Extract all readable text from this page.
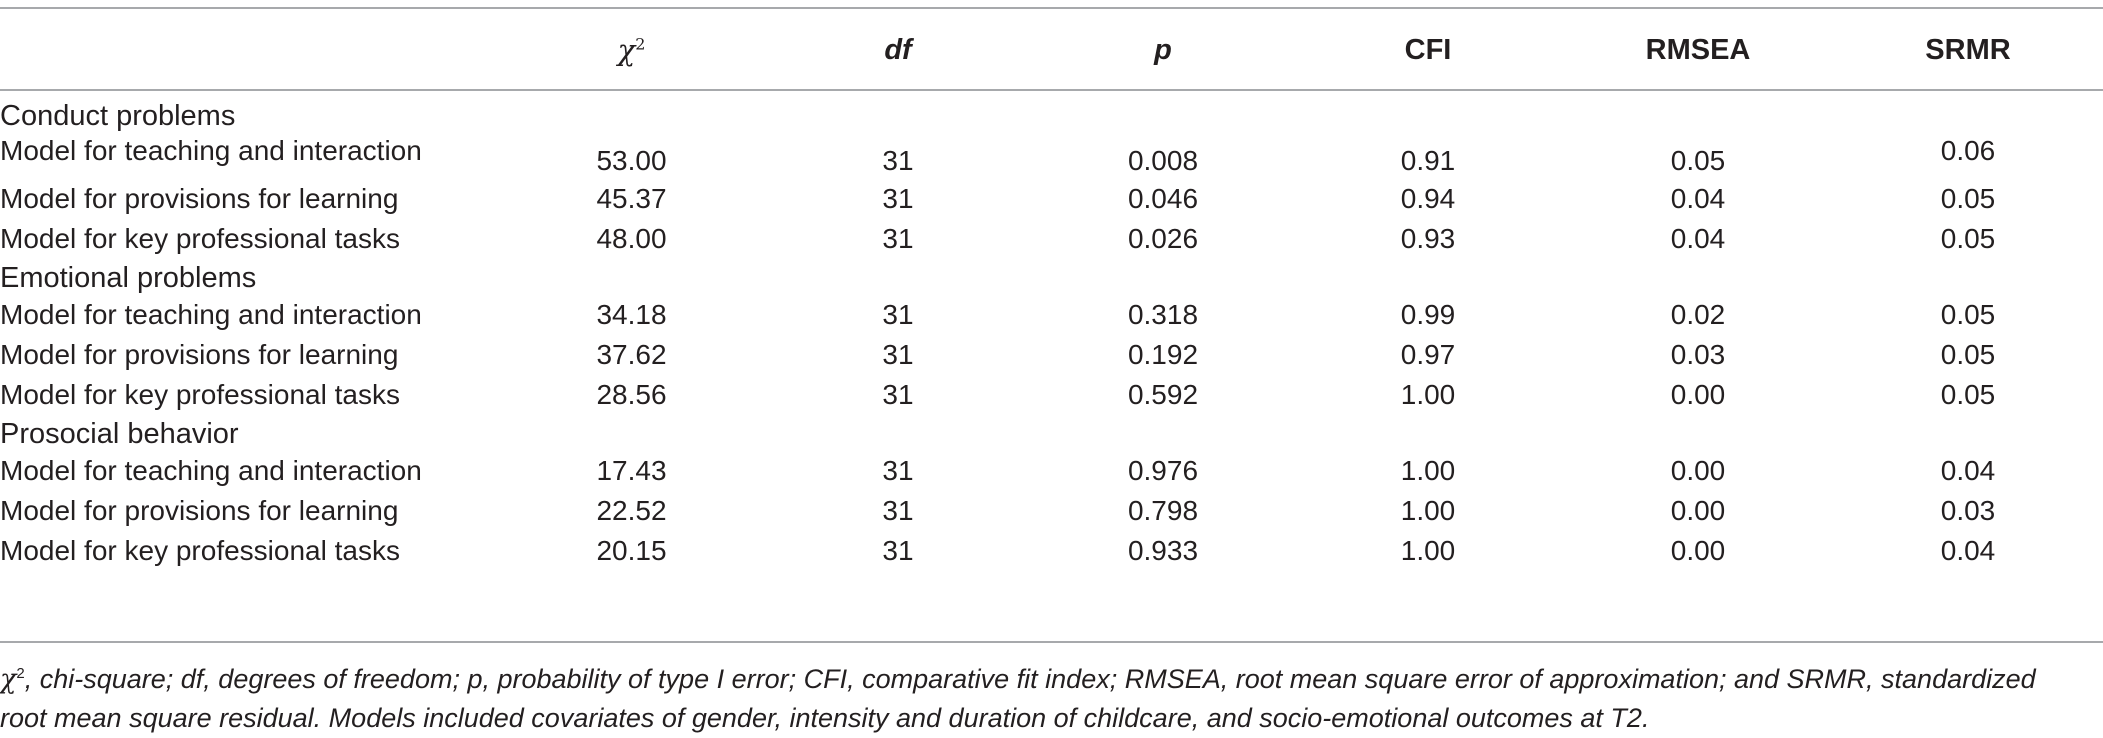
	$\chi^2$	df	p	CFI	RMSEA	SRMR
Conduct problems						
Model for teaching and interaction	53.00	31	0.008	0.91	0.05	0.06
Model for provisions for learning	45.37	31	0.046	0.94	0.04	0.05
Model for key professional tasks	48.00	31	0.026	0.93	0.04	0.05
Emotional problems						
Model for teaching and interaction	34.18	31	0.318	0.99	0.02	0.05
Model for provisions for learning	37.62	31	0.192	0.97	0.03	0.05
Model for key professional tasks	28.56	31	0.592	1.00	0.00	0.05
Prosocial behavior						
Model for teaching and interaction	17.43	31	0.976	1.00	0.00	0.04
Model for provisions for learning	22.52	31	0.798	1.00	0.00	0.03
Model for key professional tasks	20.15	31	0.933	1.00	0.00	0.04
$\chi^2$, chi-square; df, degrees of freedom; p, probability of type I error; CFI, comparative fit index; RMSEA, root mean square error of approximation; and SRMR, standardized root mean square residual. Models included covariates of gender, intensity and duration of childcare, and socio-emotional outcomes at T2.
